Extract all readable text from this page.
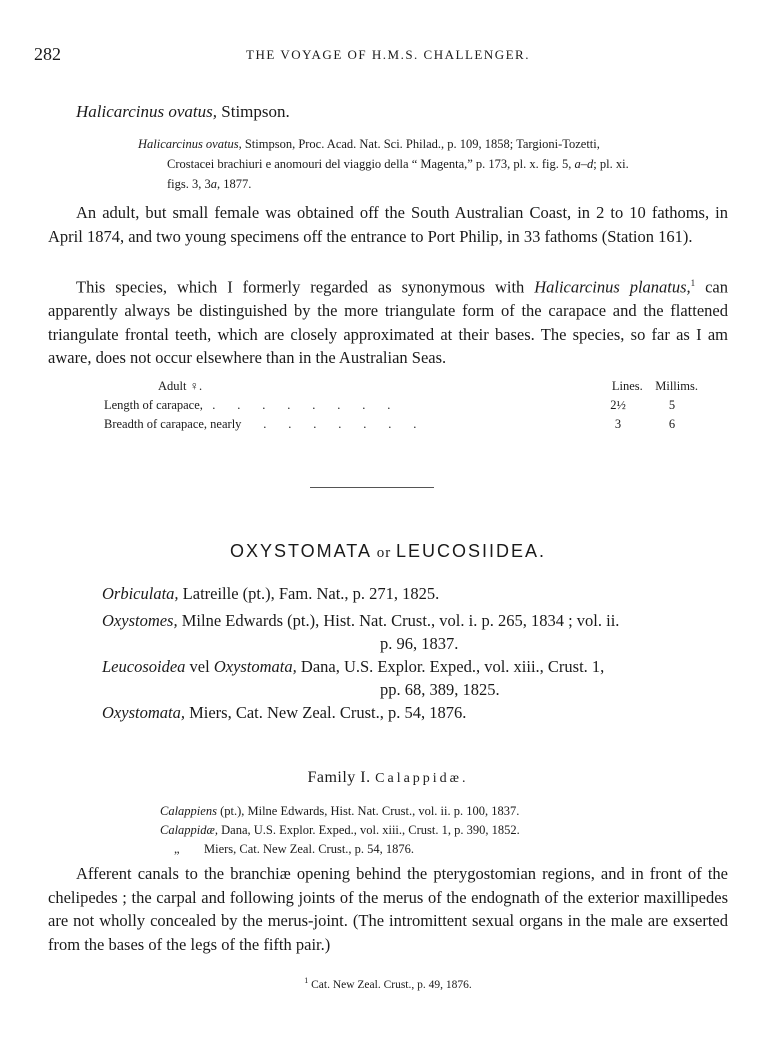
282	THE VOYAGE OF H.M.S. CHALLENGER.
Halicarcinus ovatus, Stimpson.
Halicarcinus ovatus, Stimpson, Proc. Acad. Nat. Sci. Philad., p. 109, 1858; Targioni-Tozetti,
Crostacei brachiuri e anomouri del viaggio della “ Magenta,” p. 173, pl. x. fig. 5, a–d; pl. xi.
figs. 3, 3a, 1877.
An adult, but small female was obtained off the South Australian Coast, in 2 to 10 fathoms, in April 1874, and two young specimens off the entrance to Port Philip, in 33 fathoms (Station 161).
This species, which I formerly regarded as synonymous with Halicarcinus planatus,$^1$ can apparently always be distinguished by the more triangulate form of the carapace and the flattened triangulate frontal teeth, which are closely approximated at their bases. The species, so far as I am aware, does not occur elsewhere than in the Australian Seas.
Adult ♀.	Lines.	Millims.
Length of carapace,   .       .       .       .       .       .       .       .	2½	5
Breadth of carapace, nearly       .       .       .       .       .       .       .	3	6
OXYSTOMATA or LEUCOSIIDEA.
Orbiculata, Latreille (pt.), Fam. Nat., p. 271, 1825.
Oxystomes, Milne Edwards (pt.), Hist. Nat. Crust., vol. i. p. 265, 1834 ; vol. ii.
p. 96, 1837.
Leucosoidea vel Oxystomata, Dana, U.S. Explor. Exped., vol. xiii., Crust. 1,
pp. 68, 389, 1825.
Oxystomata, Miers, Cat. New Zeal. Crust., p. 54, 1876.
Family I. Calappidæ.
Calappiens (pt.), Milne Edwards, Hist. Nat. Crust., vol. ii. p. 100, 1837.
Calappidæ, Dana, U.S. Explor. Exped., vol. xiii., Crust. 1, p. 390, 1852.
„ Miers, Cat. New Zeal. Crust., p. 54, 1876.
Afferent canals to the branchiæ opening behind the pterygostomian regions, and in front of the chelipedes ; the carpal and following joints of the merus of the endognath of the exterior maxillipedes are not wholly concealed by the merus-joint. (The intromittent sexual organs in the male are exserted from the bases of the legs of the fifth pair.)
$^1$ Cat. New Zeal. Crust., p. 49, 1876.
